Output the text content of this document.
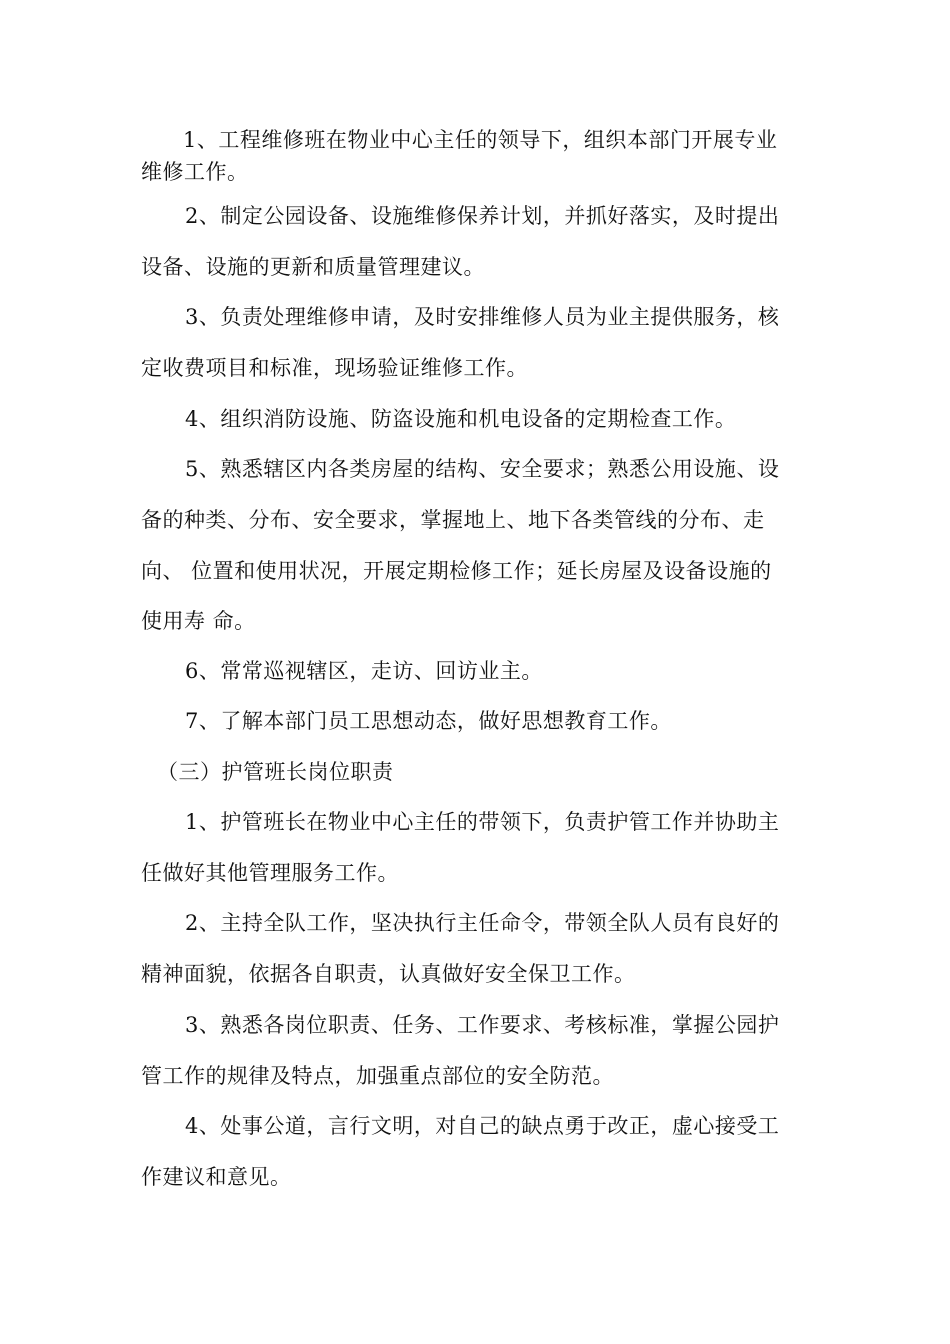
1、工程维修班在物业中心主任的领导下，组织本部门开展专业

维修工作。

2、制定公园设备、设施维修保养计划，并抓好落实，及时提出

设备、设施的更新和质量管理建议。

3、负责处理维修申请，及时安排维修人员为业主提供服务，核

定收费项目和标准，现场验证维修工作。

4、组织消防设施、防盗设施和机电设备的定期检查工作。

5、熟悉辖区内各类房屋的结构、安全要求；熟悉公用设施、设

备的种类、分布、安全要求，掌握地上、地下各类管线的分布、走

向、 位置和使用状况，开展定期检修工作；延长房屋及设备设施的

使用寿 命。

6、常常巡视辖区，走访、回访业主。

7、了解本部门员工思想动态，做好思想教育工作。

（三）护管班长岗位职责

1、护管班长在物业中心主任的带领下，负责护管工作并协助主

任做好其他管理服务工作。

2、主持全队工作，坚决执行主任命令，带领全队人员有良好的

精神面貌，依据各自职责，认真做好安全保卫工作。

3、熟悉各岗位职责、任务、工作要求、考核标准，掌握公园护

管工作的规律及特点，加强重点部位的安全防范。

4、处事公道，言行文明，对自己的缺点勇于改正，虚心接受工

作建议和意见。
